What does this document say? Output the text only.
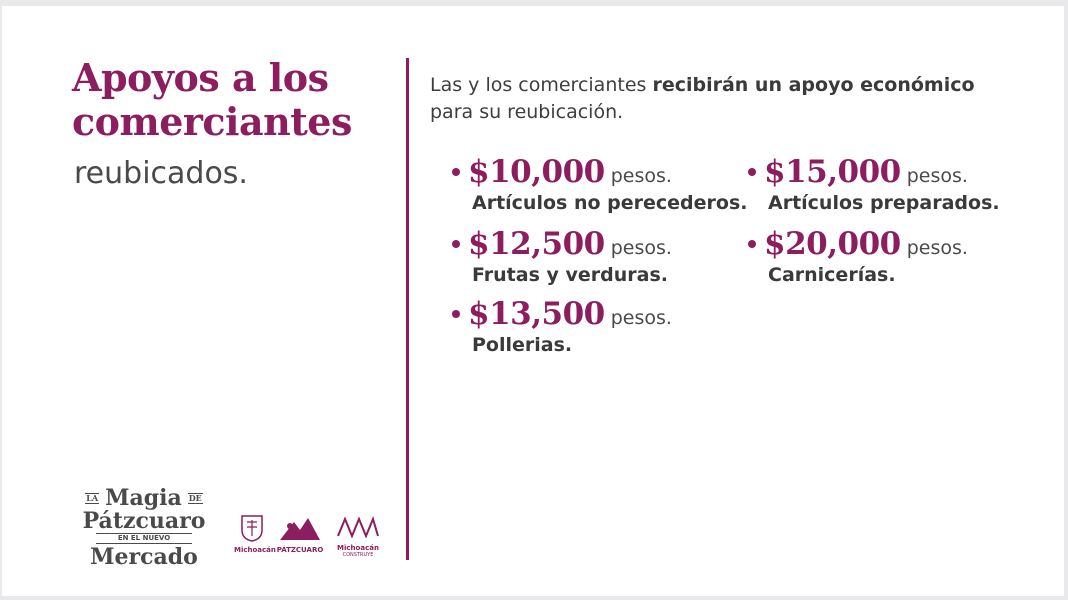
Apoyos a los
comerciantes
reubicados.
Las y los comerciantes recibirán un apoyo económico para su reubicación.
$10,000 pesos.
Artículos no perecederos.
$12,500 pesos.
Frutas y verduras.
$13,500 pesos.
Pollerias.
$15,000 pesos.
Artículos preparados.
$20,000 pesos.
Carnicerías.
LA Magia DE
Pátzcuaro
EN EL NUEVO
Mercado	Michoacán PÁTZCUARO	Michoacán
CONSTRUYE
